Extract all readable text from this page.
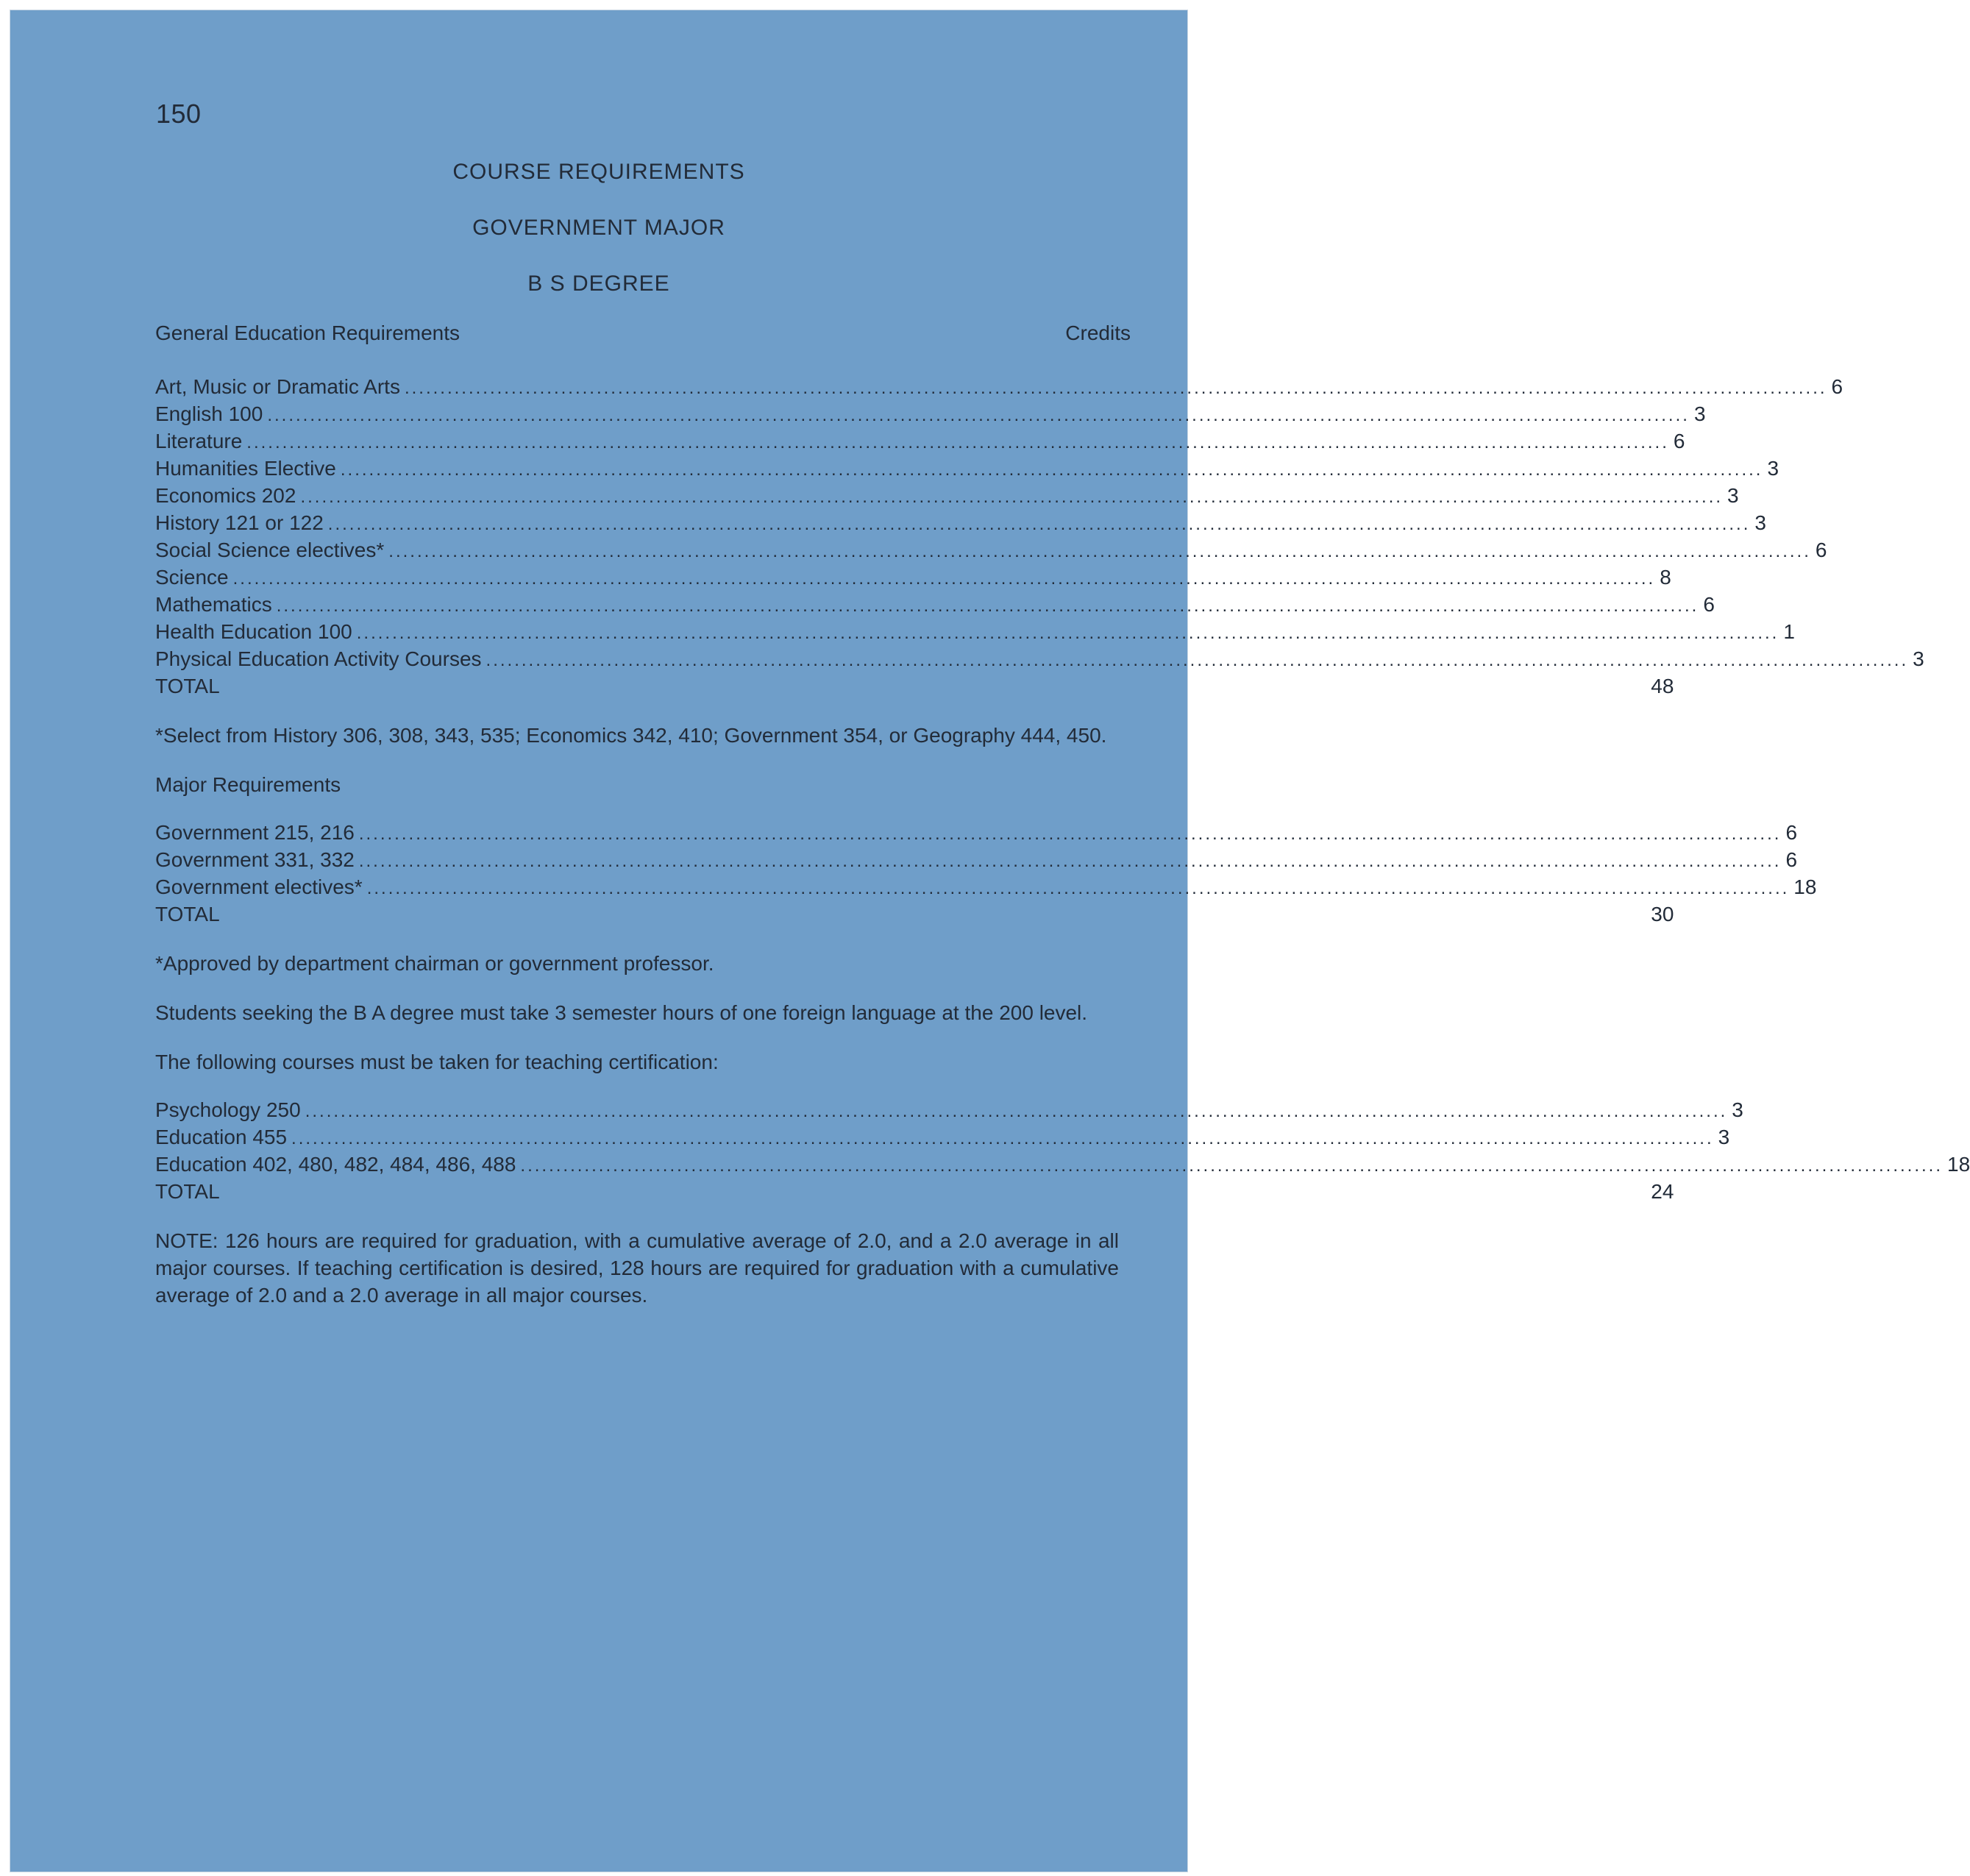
150
COURSE REQUIREMENTS
GOVERNMENT MAJOR
B S DEGREE
General Education Requirements	Credits
Art, Music or Dramatic Arts ........................................................................................................................................................................................................ 6
English 100 ........................................................................................................................................................................................................ 3
Literature ........................................................................................................................................................................................................ 6
Humanities Elective ........................................................................................................................................................................................................ 3
Economics 202 ........................................................................................................................................................................................................ 3
History 121 or 122 ........................................................................................................................................................................................................ 3
Social Science electives* ........................................................................................................................................................................................................ 6
Science ........................................................................................................................................................................................................ 8
Mathematics ........................................................................................................................................................................................................ 6
Health Education 100 ........................................................................................................................................................................................................ 1
Physical Education Activity Courses ........................................................................................................................................................................................................ 3
TOTAL	48
*Select from History 306, 308, 343, 535; Economics 342, 410; Government 354, or Geography 444, 450.
Major Requirements
Government 215, 216 ........................................................................................................................................................................................................ 6
Government 331, 332 ........................................................................................................................................................................................................ 6
Government electives* ........................................................................................................................................................................................................ 18
TOTAL	30
*Approved by department chairman or government professor.
Students seeking the B A degree must take 3 semester hours of one foreign language at the 200 level.
The following courses must be taken for teaching certification:
Psychology 250 ........................................................................................................................................................................................................ 3
Education 455 ........................................................................................................................................................................................................ 3
Education 402, 480, 482, 484, 486, 488 ........................................................................................................................................................................................................ 18
TOTAL	24
NOTE: 126 hours are required for graduation, with a cumulative average of 2.0, and a 2.0 average in all major courses. If teaching certification is desired, 128 hours are required for graduation with a cumulative average of 2.0 and a 2.0 average in all major courses.
